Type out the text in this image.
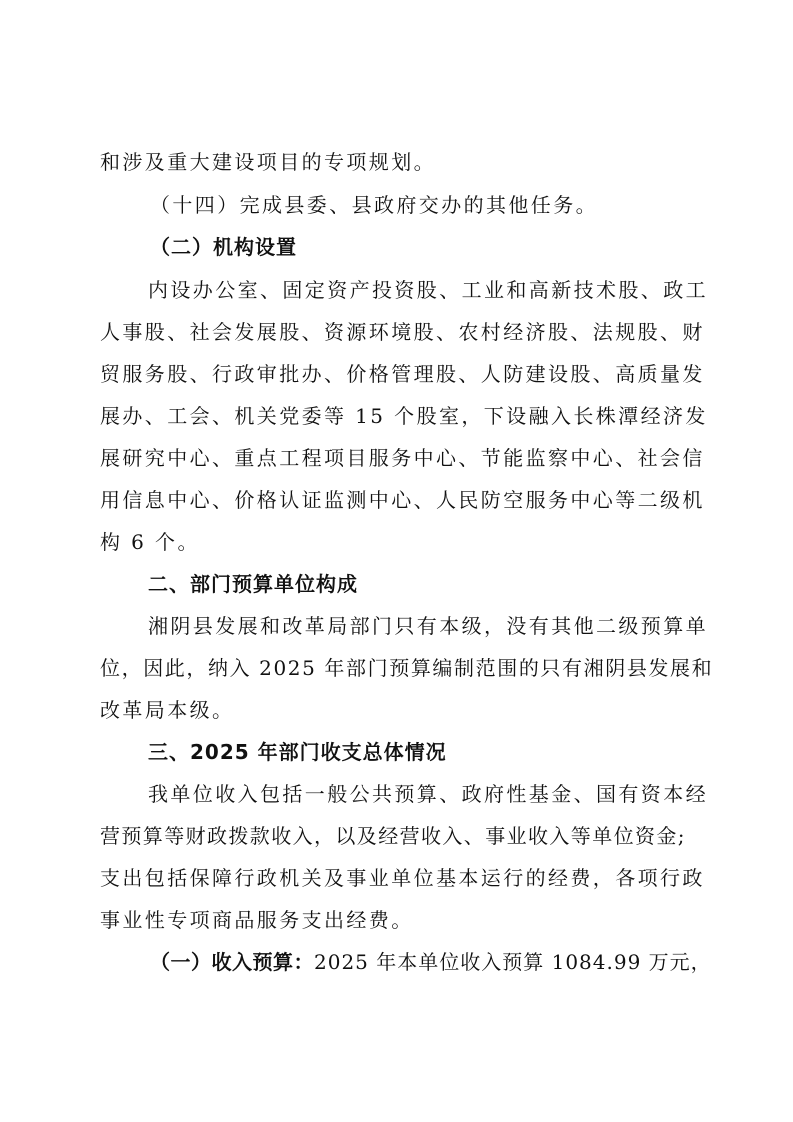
和涉及重大建设项目的专项规划。
（十四）完成县委、县政府交办的其他任务。
（二）机构设置
内设办公室、固定资产投资股、工业和高新技术股、政工
人事股、社会发展股、资源环境股、农村经济股、法规股、财
贸服务股、行政审批办、价格管理股、人防建设股、高质量发
展办、工会、机关党委等 15 个股室，下设融入长株潭经济发
展研究中心、重点工程项目服务中心、节能监察中心、社会信
用信息中心、价格认证监测中心、人民防空服务中心等二级机
构 6 个。
二、部门预算单位构成
湘阴县发展和改革局部门只有本级，没有其他二级预算单
位，因此，纳入 2025 年部门预算编制范围的只有湘阴县发展和
改革局本级。
三、2025 年部门收支总体情况
我单位收入包括一般公共预算、政府性基金、国有资本经
营预算等财政拨款收入，以及经营收入、事业收入等单位资金;
支出包括保障行政机关及事业单位基本运行的经费，各项行政
事业性专项商品服务支出经费。
（一）收入预算：2025 年本单位收入预算 1084.99 万元，
